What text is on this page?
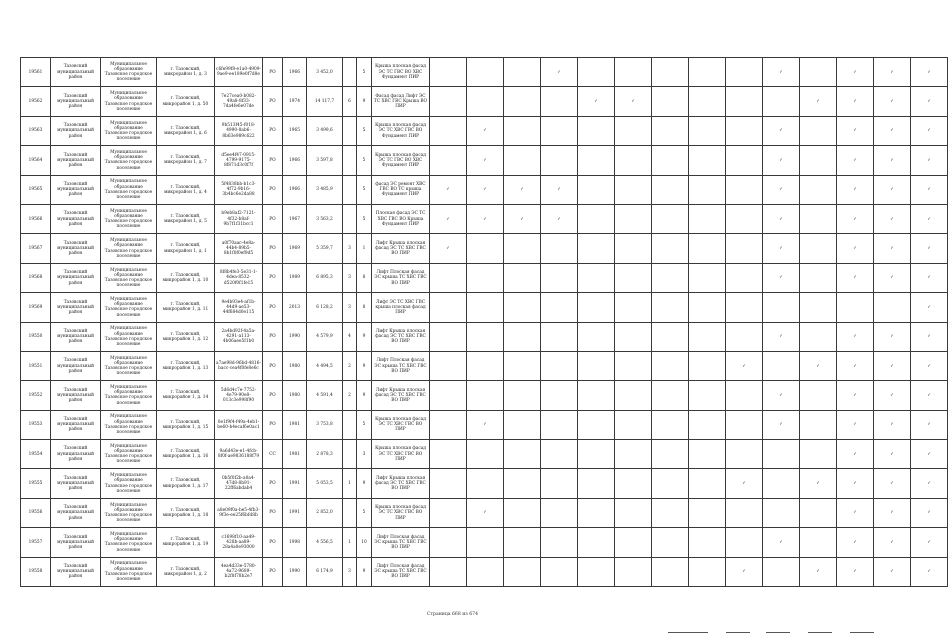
19561	Тазовский муниципальный район	Муниципальное образование Тазовское городское поселение	г. Тазовский, микрорайон 1, д. 3	c6fe99f8-e1a0-4909-9ae9-ee189e0f7d8e	PO	1966	3 452,0		5	Крыша плоская фасад ЭС ТС ГВС ВО ХВС Фундамент ПИР				✓						✓		✓	✓	✓
19562	Тазовский муниципальный район	Муниципальное образование Тазовское городское поселение	г. Тазовский, микрорайон 1, д. 50	7e27cea0-b082-49a8-8f33-7da4fe6e07de	PO	1974	14 117,7	6	9	Фасад фасад Лифт ЭС ТС ХВС ГВС Крыша ВО ПИР					✓	✓					✓	✓	✓	✓
19563	Тазовский муниципальный район	Муниципальное образование Тазовское городское поселение	г. Тазовский, микрорайон 1, д. 6	9b513f45-f018-4990-8ab6-8b63e989c622	PO	1965	3 499,6		5	Крыша плоская фасад ЭС ТС ХВС ГВС ВО Фундамент ПИР		✓								✓		✓	✓	✓
19564	Тазовский муниципальный район	Муниципальное образование Тазовское городское поселение	г. Тазовский, микрорайон 1, д. 7	d5ee4f47-0915-4799-9175-8f871d3c0f7f	PO	1966	3 597,8		5	Крыша плоская фасад ЭС ТС ГВС ВО ХВС Фундамент ПИР		✓								✓		✓	✓	✓
19565	Тазовский муниципальный район	Муниципальное образование Тазовское городское поселение	г. Тазовский, микрорайон 1, д. 4	5f4838bb-b1c3-4f72-9b16-3b4bc6e2da88	PO	1966	3 485,9		5	фасад ЭС ремонт ХВС ГВС ВО ТС крыша Фундамент ПИР	✓	✓	✓	✓						✓		✓	✓	✓
19566	Тазовский муниципальный район	Муниципальное образование Тазовское городское поселение	г. Тазовский, микрорайон 1, д. 5	b9eb8af2-7121-4f32-b8af-9b7f1f31bcc1	PO	1967	3 563,2		5	Плоская фасад ЭС ТС ХВС ГВС ВО Крыша Фундамент ПИР	✓	✓	✓	✓						✓		✓	✓	✓
19567	Тазовский муниципальный район	Муниципальное образование Тазовское городское поселение	г. Тазовский, микрорайон 1, д. 1	a0f70aac-4e8a-44b4-89b5-8b1f0f0ef9d5	PO	1969	5 359,7	3	1	Лифт Крыша плоская фасад ЭС ТС ХВС ГВС ВО ПИР	✓									✓		✓	✓	✓
19568	Тазовский муниципальный район	Муниципальное образование Тазовское городское поселение	г. Тазовский, микрорайон 1, д. 10	8f8b4fe3-5e31-1-4dea-8532-d520f0f1fe15	PO	1989	6 895,3	3	8	Лифт Плоская фасад ЭС крыша ТС ХВС ГВС ВО ПИР										✓		✓	✓	✓
19569	Тазовский муниципальный район	Муниципальное образование Тазовское городское поселение	г. Тазовский, микрорайон 1, д. 11	9e4b93e4-af1b-44d9-ae53-44f684d0e115	PO	2013	6 128,2	3	8	Лифт ЭС ТС ХВС ГВС крыша плоская фасад ПИР														✓
19550	Тазовский муниципальный район	Муниципальное образование Тазовское городское поселение	г. Тазовский, микрорайон 1, д. 12	2a4bd92f-4a5a-4291-a113-4b06aee5f1b0	PO	1990	4 579,9	4	9	Лифт Крыша плоская фасад ЭС ТС ХВС ГВС ВО ПИР										✓		✓	✓	✓
19551	Тазовский муниципальный район	Муниципальное образование Тазовское городское поселение	г. Тазовский, микрорайон 1, д. 13	a7ae98d-96bd-4816-bacc-cea4f0fe8e6c	PO	1980	4 494,5	2	9	Лифт Плоская фасад ЭС крыша ТС ХВС ГВС ВО ПИР									✓		✓	✓	✓	✓
19552	Тазовский муниципальный район	Муниципальное образование Тазовское городское поселение	г. Тазовский, микрорайон 1, д. 14	5d6d4c7e-7752-4e79-90e8-013c3e998f90	PO	1980	4 591,4	2	9	Лифт Крыша плоская фасад ЭС ТС ХВС ГВС ВО ПИР										✓		✓	✓	✓
19553	Тазовский муниципальный район	Муниципальное образование Тазовское городское поселение	г. Тазовский, микрорайон 1, д. 15	0e1f9f4-f49a-4eb1-be60-b4ecaf6e0ac1	PO	1981	3 753,8		5	Крыша плоская фасад ЭС ТС ХВС ГВС ВО ПИР		✓								✓		✓	✓	✓
19554	Тазовский муниципальный район	Муниципальное образование Тазовское городское поселение	г. Тазовский, микрорайон 1, д. 16	9a6d43e-e1-4fcb-8f0f-ae9836188f79	CC	1981	2 878,3		3	Крыша плоская фасад ЭС ТС ХВС ГВС ВО ПИР												✓	✓	✓
19555	Тазовский муниципальный район	Муниципальное образование Тазовское городское поселение	г. Тазовский, микрорайон 1, д. 17	0b5f0f2b-a0a4-47d8-8b91-22ff6abdab4	PO	1991	5 053,5	1	9	Лифт Крыша плоская фасад ЭС ТС ХВС ГВС ВО ПИР									✓		✓	✓	✓	✓
19556	Тазовский муниципальный район	Муниципальное образование Тазовское городское поселение	г. Тазовский, микрорайон 1, д. 18	a8e09f0a-be5-4fb3-9f3e-ee25f6bfd8b	PO	1991	2 852,0		5	Крыша плоская фасад ЭС ТС ХВС ГВС ВО ПИР		✓										✓	✓	✓
19557	Тазовский муниципальный район	Муниципальное образование Тазовское городское поселение	г. Тазовский, микрорайон 1, д. 19	c1698f10-aa49-428b-aa89-28a4a0e93000	PO	1998	4 556,5	1	10	Лифт Плоская фасад ЭС крыша ТС ХВС ГВС ВО ПИР										✓		✓	✓	✓
19558	Тазовский муниципальный район	Муниципальное образование Тазовское городское поселение	г. Тазовский, микрорайон 1, д. 2	4ea4d33e-5780-4a72-9689-b2f8f78b2e7	PO	1990	6 174,9	3	9	Лифт Плоская фасад ЭС крыша ТС ХВС ГВС ВО ПИР									✓		✓	✓	✓	✓
Страница 668 из 674
